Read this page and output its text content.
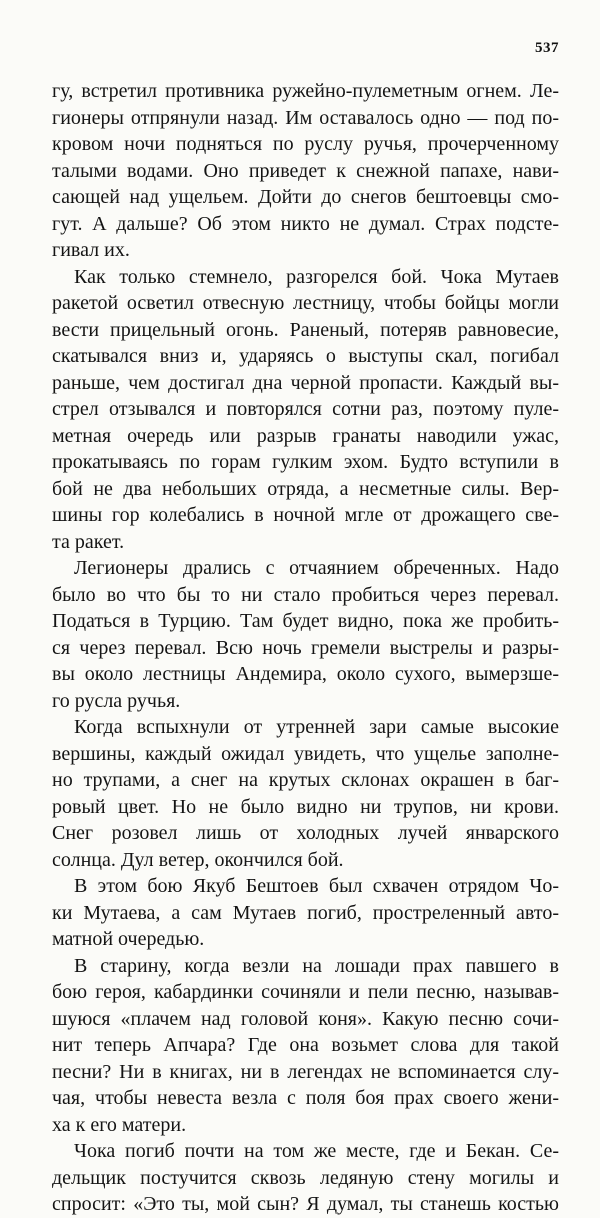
537
гу, встретил противника ружейно-пулеметным огнем. Ле-
гионеры отпрянули назад. Им оставалось одно — под по-
кровом ночи подняться по руслу ручья, прочерченному
талыми водами. Оно приведет к снежной папахе, нави-
сающей над ущельем. Дойти до снегов бештоевцы смо-
гут. А дальше? Об этом никто не думал. Страх подсте-
гивал их.
Как только стемнело, разгорелся бой. Чока Мутаев
ракетой осветил отвесную лестницу, чтобы бойцы могли
вести прицельный огонь. Раненый, потеряв равновесие,
скатывался вниз и, ударяясь о выступы скал, погибал
раньше, чем достигал дна черной пропасти. Каждый вы-
стрел отзывался и повторялся сотни раз, поэтому пуле-
метная очередь или разрыв гранаты наводили ужас,
прокатываясь по горам гулким эхом. Будто вступили в
бой не два небольших отряда, а несметные силы. Вер-
шины гор колебались в ночной мгле от дрожащего све-
та ракет.
Легионеры дрались с отчаянием обреченных. Надо
было во что бы то ни стало пробиться через перевал.
Податься в Турцию. Там будет видно, пока же пробить-
ся через перевал. Всю ночь гремели выстрелы и разры-
вы около лестницы Андемира, около сухого, вымерзше-
го русла ручья.
Когда вспыхнули от утренней зари самые высокие
вершины, каждый ожидал увидеть, что ущелье заполне-
но трупами, а снег на крутых склонах окрашен в баг-
ровый цвет. Но не было видно ни трупов, ни крови.
Снег розовел лишь от холодных лучей январского
солнца. Дул ветер, окончился бой.
В этом бою Якуб Бештоев был схвачен отрядом Чо-
ки Мутаева, а сам Мутаев погиб, простреленный авто-
матной очередью.
В старину, когда везли на лошади прах павшего в
бою героя, кабардинки сочиняли и пели песню, называв-
шуюся «плачем над головой коня». Какую песню сочи-
нит теперь Апчара? Где она возьмет слова для такой
песни? Ни в книгах, ни в легендах не вспоминается слу-
чая, чтобы невеста везла с поля боя прах своего жени-
ха к его матери.
Чока погиб почти на том же месте, где и Бекан. Се-
дельщик постучится сквозь ледяную стену могилы и
спросит: «Это ты, мой сын? Я думал, ты станешь костью
